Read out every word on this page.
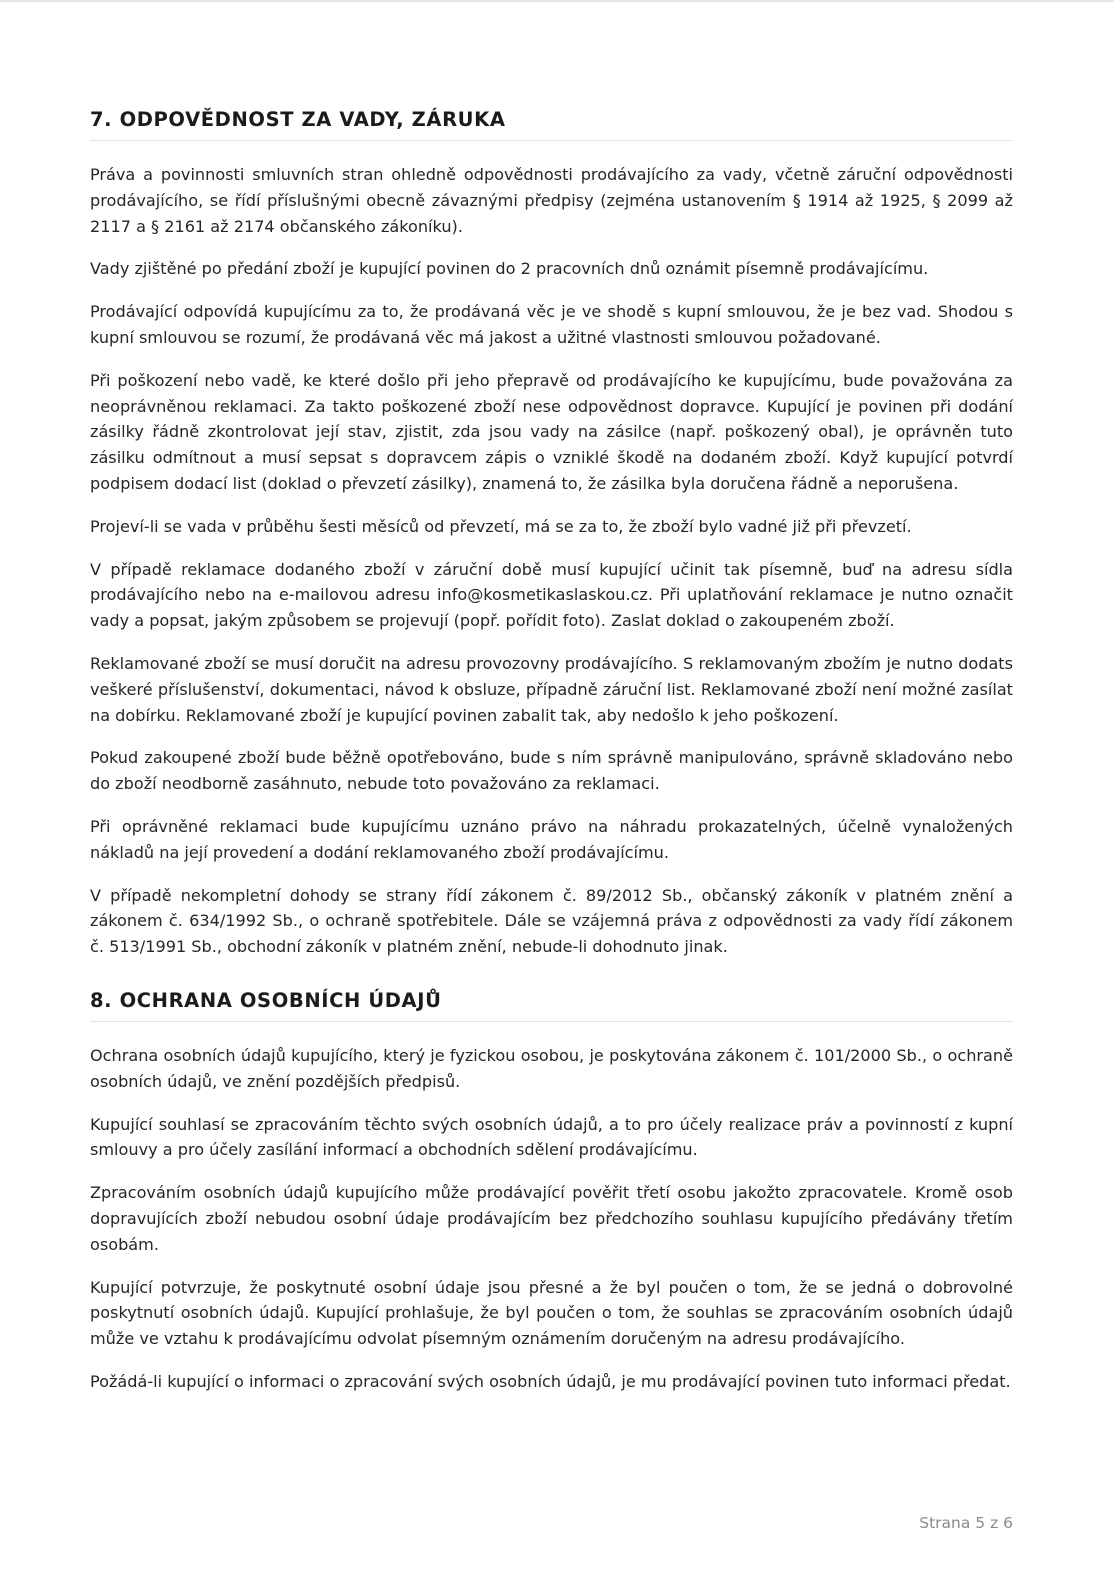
7. ODPOVĚDNOST ZA VADY, ZÁRUKA

Práva a povinnosti smluvních stran ohledně odpovědnosti prodávajícího za vady, včetně záruční odpovědnosti prodávajícího, se řídí příslušnými obecně závaznými předpisy (zejména ustanovením § 1914 až 1925, § 2099 až 2117 a § 2161 až 2174 občanského zákoníku).

Vady zjištěné po předání zboží je kupující povinen do 2 pracovních dnů oznámit písemně prodávajícímu.

Prodávající odpovídá kupujícímu za to, že prodávaná věc je ve shodě s kupní smlouvou, že je bez vad. Shodou s kupní smlouvou se rozumí, že prodávaná věc má jakost a užitné vlastnosti smlouvou požadované.

Při poškození nebo vadě, ke které došlo při jeho přepravě od prodávajícího ke kupujícímu, bude považována za neoprávněnou reklamaci. Za takto poškozené zboží nese odpovědnost dopravce. Kupující je povinen při dodání zásilky řádně zkontrolovat její stav, zjistit, zda jsou vady na zásilce (např. poškozený obal), je oprávněn tuto zásilku odmítnout a musí sepsat s dopravcem zápis o vzniklé škodě na dodaném zboží. Když kupující potvrdí podpisem dodací list (doklad o převzetí zásilky), znamená to, že zásilka byla doručena řádně a neporušena.

Projeví-li se vada v průběhu šesti měsíců od převzetí, má se za to, že zboží bylo vadné již při převzetí.

V případě reklamace dodaného zboží v záruční době musí kupující učinit tak písemně, buď na adresu sídla prodávajícího nebo na e-mailovou adresu info@kosmetikaslaskou.cz. Při uplatňování reklamace je nutno označit vady a popsat, jakým způsobem se projevují (popř. pořídit foto). Zaslat doklad o zakoupeném zboží.

Reklamované zboží se musí doručit na adresu provozovny prodávajícího. S reklamovaným zbožím je nutno dodats veškeré příslušenství, dokumentaci, návod k obsluze, případně záruční list. Reklamované zboží není možné zasílat na dobírku. Reklamované zboží je kupující povinen zabalit tak, aby nedošlo k jeho poškození.

Pokud zakoupené zboží bude běžně opotřebováno, bude s ním správně manipulováno, správně skladováno nebo do zboží neodborně zasáhnuto, nebude toto považováno za reklamaci.

Při oprávněné reklamaci bude kupujícímu uznáno právo na náhradu prokazatelných, účelně vynaložených nákladů na její provedení a dodání reklamovaného zboží prodávajícímu.

V případě nekompletní dohody se strany řídí zákonem č. 89/2012 Sb., občanský zákoník v platném znění a zákonem č. 634/1992 Sb., o ochraně spotřebitele. Dále se vzájemná práva z odpovědnosti za vady řídí zákonem č. 513/1991 Sb., obchodní zákoník v platném znění, nebude-li dohodnuto jinak.

8. OCHRANA OSOBNÍCH ÚDAJŮ

Ochrana osobních údajů kupujícího, který je fyzickou osobou, je poskytována zákonem č. 101/2000 Sb., o ochraně osobních údajů, ve znění pozdějších předpisů.

Kupující souhlasí se zpracováním těchto svých osobních údajů, a to pro účely realizace práv a povinností z kupní smlouvy a pro účely zasílání informací a obchodních sdělení prodávajícímu.

Zpracováním osobních údajů kupujícího může prodávající pověřit třetí osobu jakožto zpracovatele. Kromě osob dopravujících zboží nebudou osobní údaje prodávajícím bez předchozího souhlasu kupujícího předávány třetím osobám.

Kupující potvrzuje, že poskytnuté osobní údaje jsou přesné a že byl poučen o tom, že se jedná o dobrovolné poskytnutí osobních údajů. Kupující prohlašuje, že byl poučen o tom, že souhlas se zpracováním osobních údajů může ve vztahu k prodávajícímu odvolat písemným oznámením doručeným na adresu prodávajícího.

Požádá-li kupující o informaci o zpracování svých osobních údajů, je mu prodávající povinen tuto informaci předat.

Strana 5 z 6
